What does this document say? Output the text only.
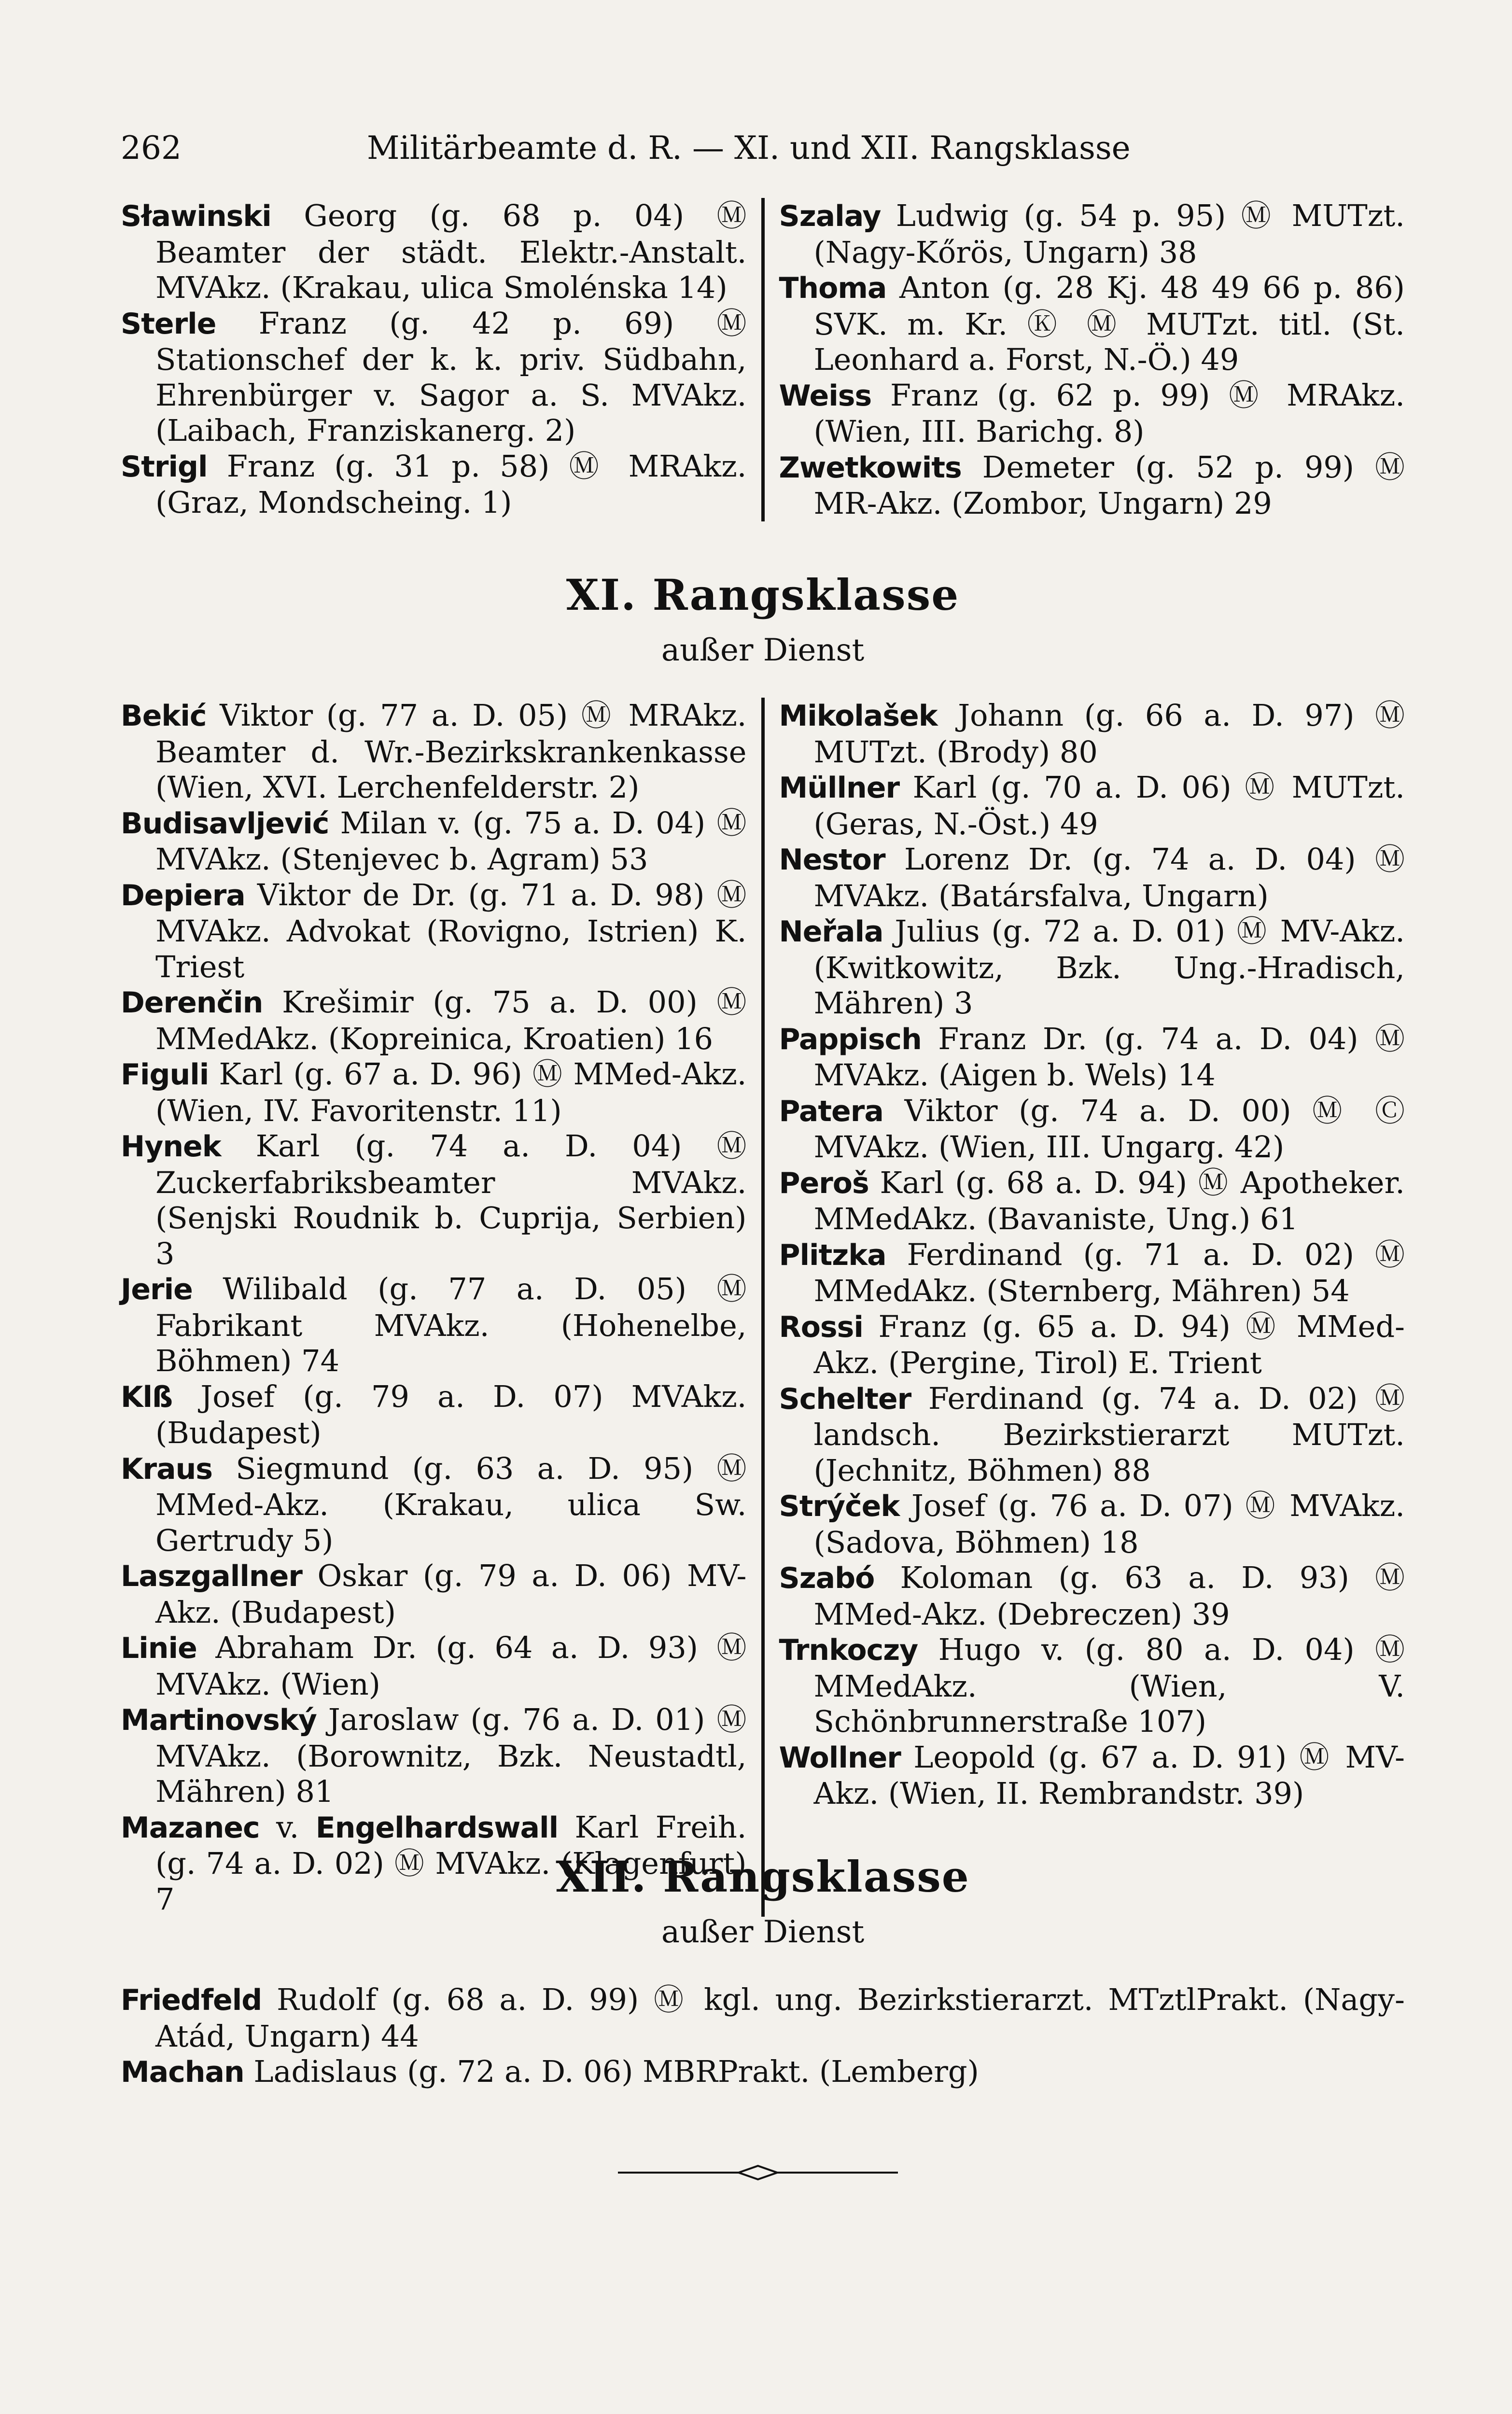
262	Militärbeamte d. R. — XI. und XII. Rangsklasse

Sławinski Georg (g. 68 p. 04) Ⓜ Beamter der städt. Elektr.-Anstalt. MVAkz. (Krakau, ulica Smolénska 14)

Sterle Franz (g. 42 p. 69) Ⓜ Stationschef der k. k. priv. Südbahn, Ehrenbürger v. Sagor a. S. MVAkz. (Laibach, Franziskanerg. 2)

Strigl Franz (g. 31 p. 58) Ⓜ MRAkz. (Graz, Mondscheing. 1)

Szalay Ludwig (g. 54 p. 95) Ⓜ MUTzt. (Nagy-Kőrös, Ungarn) 38

Thoma Anton (g. 28 Kj. 48 49 66 p. 86) SVK. m. Kr. Ⓚ Ⓜ MUTzt. titl. (St. Leonhard a. Forst, N.-Ö.) 49

Weiss Franz (g. 62 p. 99) Ⓜ MRAkz. (Wien, III. Barichg. 8)

Zwetkowits Demeter (g. 52 p. 99) Ⓜ MR-Akz. (Zombor, Ungarn) 29

XI. Rangsklasse
außer Dienst

Bekić Viktor (g. 77 a. D. 05) Ⓜ MRAkz. Beamter d. Wr.-Bezirkskrankenkasse (Wien, XVI. Lerchenfelderstr. 2)

Budisavljević Milan v. (g. 75 a. D. 04) Ⓜ MVAkz. (Stenjevec b. Agram) 53

Depiera Viktor de Dr. (g. 71 a. D. 98) Ⓜ MVAkz. Advokat (Rovigno, Istrien) K. Triest

Derenčin Krešimir (g. 75 a. D. 00) Ⓜ MMedAkz. (Kopreinica, Kroatien) 16

Figuli Karl (g. 67 a. D. 96) Ⓜ MMed-Akz. (Wien, IV. Favoritenstr. 11)

Hynek Karl (g. 74 a. D. 04) Ⓜ Zuckerfabriksbeamter MVAkz. (Senjski Roudnik b. Cuprija, Serbien) 3

Jerie Wilibald (g. 77 a. D. 05) Ⓜ Fabrikant MVAkz. (Hohenelbe, Böhmen) 74

Klß Josef (g. 79 a. D. 07) MVAkz. (Budapest)

Kraus Siegmund (g. 63 a. D. 95) Ⓜ MMed-Akz. (Krakau, ulica Sw. Gertrudy 5)

Laszgallner Oskar (g. 79 a. D. 06) MV-Akz. (Budapest)

Linie Abraham Dr. (g. 64 a. D. 93) Ⓜ MVAkz. (Wien)

Martinovský Jaroslaw (g. 76 a. D. 01) Ⓜ MVAkz. (Borownitz, Bzk. Neustadtl, Mähren) 81

Mazanec v. Engelhardswall Karl Freih. (g. 74 a. D. 02) Ⓜ MVAkz. (Klagenfurt) 7

Mikolašek Johann (g. 66 a. D. 97) Ⓜ MUTzt. (Brody) 80

Müllner Karl (g. 70 a. D. 06) Ⓜ MUTzt. (Geras, N.-Öst.) 49

Nestor Lorenz Dr. (g. 74 a. D. 04) Ⓜ MVAkz. (Batársfalva, Ungarn)

Neřala Julius (g. 72 a. D. 01) Ⓜ MV-Akz. (Kwitkowitz, Bzk. Ung.-Hradisch, Mähren) 3

Pappisch Franz Dr. (g. 74 a. D. 04) Ⓜ MVAkz. (Aigen b. Wels) 14

Patera Viktor (g. 74 a. D. 00) Ⓜ Ⓒ MVAkz. (Wien, III. Ungarg. 42)

Peroš Karl (g. 68 a. D. 94) Ⓜ Apotheker. MMedAkz. (Bavaniste, Ung.) 61

Plitzka Ferdinand (g. 71 a. D. 02) Ⓜ MMedAkz. (Sternberg, Mähren) 54

Rossi Franz (g. 65 a. D. 94) Ⓜ MMed-Akz. (Pergine, Tirol) E. Trient

Schelter Ferdinand (g. 74 a. D. 02) Ⓜ landsch. Bezirkstierarzt MUTzt. (Jechnitz, Böhmen) 88

Strýček Josef (g. 76 a. D. 07) Ⓜ MVAkz. (Sadova, Böhmen) 18

Szabó Koloman (g. 63 a. D. 93) Ⓜ MMed-Akz. (Debreczen) 39

Trnkoczy Hugo v. (g. 80 a. D. 04) Ⓜ MMedAkz. (Wien, V. Schönbrunnerstraße 107)

Wollner Leopold (g. 67 a. D. 91) Ⓜ MV-Akz. (Wien, II. Rembrandstr. 39)

XII. Rangsklasse
außer Dienst

Friedfeld Rudolf (g. 68 a. D. 99) Ⓜ kgl. ung. Bezirkstierarzt. MTztlPrakt. (Nagy-Atád, Ungarn) 44

Machan Ladislaus (g. 72 a. D. 06) MBRPrakt. (Lemberg)
